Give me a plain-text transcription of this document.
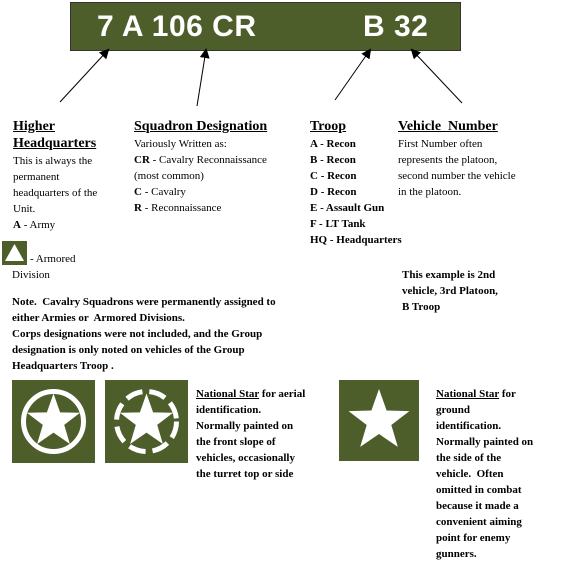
7 A 106 CR	B 32
Higher
Headquarters
This is always the
permanent
headquarters of the
Unit.
A - Army
- Armored
Division
Squadron Designation
Variously Written as:
CR - Cavalry Reconnaissance
(most common)
C - Cavalry
R - Reconnaissance
Troop
A - Recon
B - Recon
C - Recon
D - Recon
E - Assault Gun
F - LT Tank
HQ - Headquarters
Vehicle  Number
First Number often
represents the platoon,
second number the vehicle
in the platoon.
This example is 2nd
vehicle, 3rd Platoon,
B Troop
Note.  Cavalry Squadrons were permanently assigned to
either Armies or  Armored Divisions.
Corps designations were not included, and the Group
designation is only noted on vehicles of the Group
Headquarters Troop .
National Star for aerial
identification.
Normally painted on
the front slope of
vehicles, occasionally
the turret top or side
National Star for
ground
identification.
Normally painted on
the side of the
vehicle.  Often
omitted in combat
because it made a
convenient aiming
point for enemy
gunners.
